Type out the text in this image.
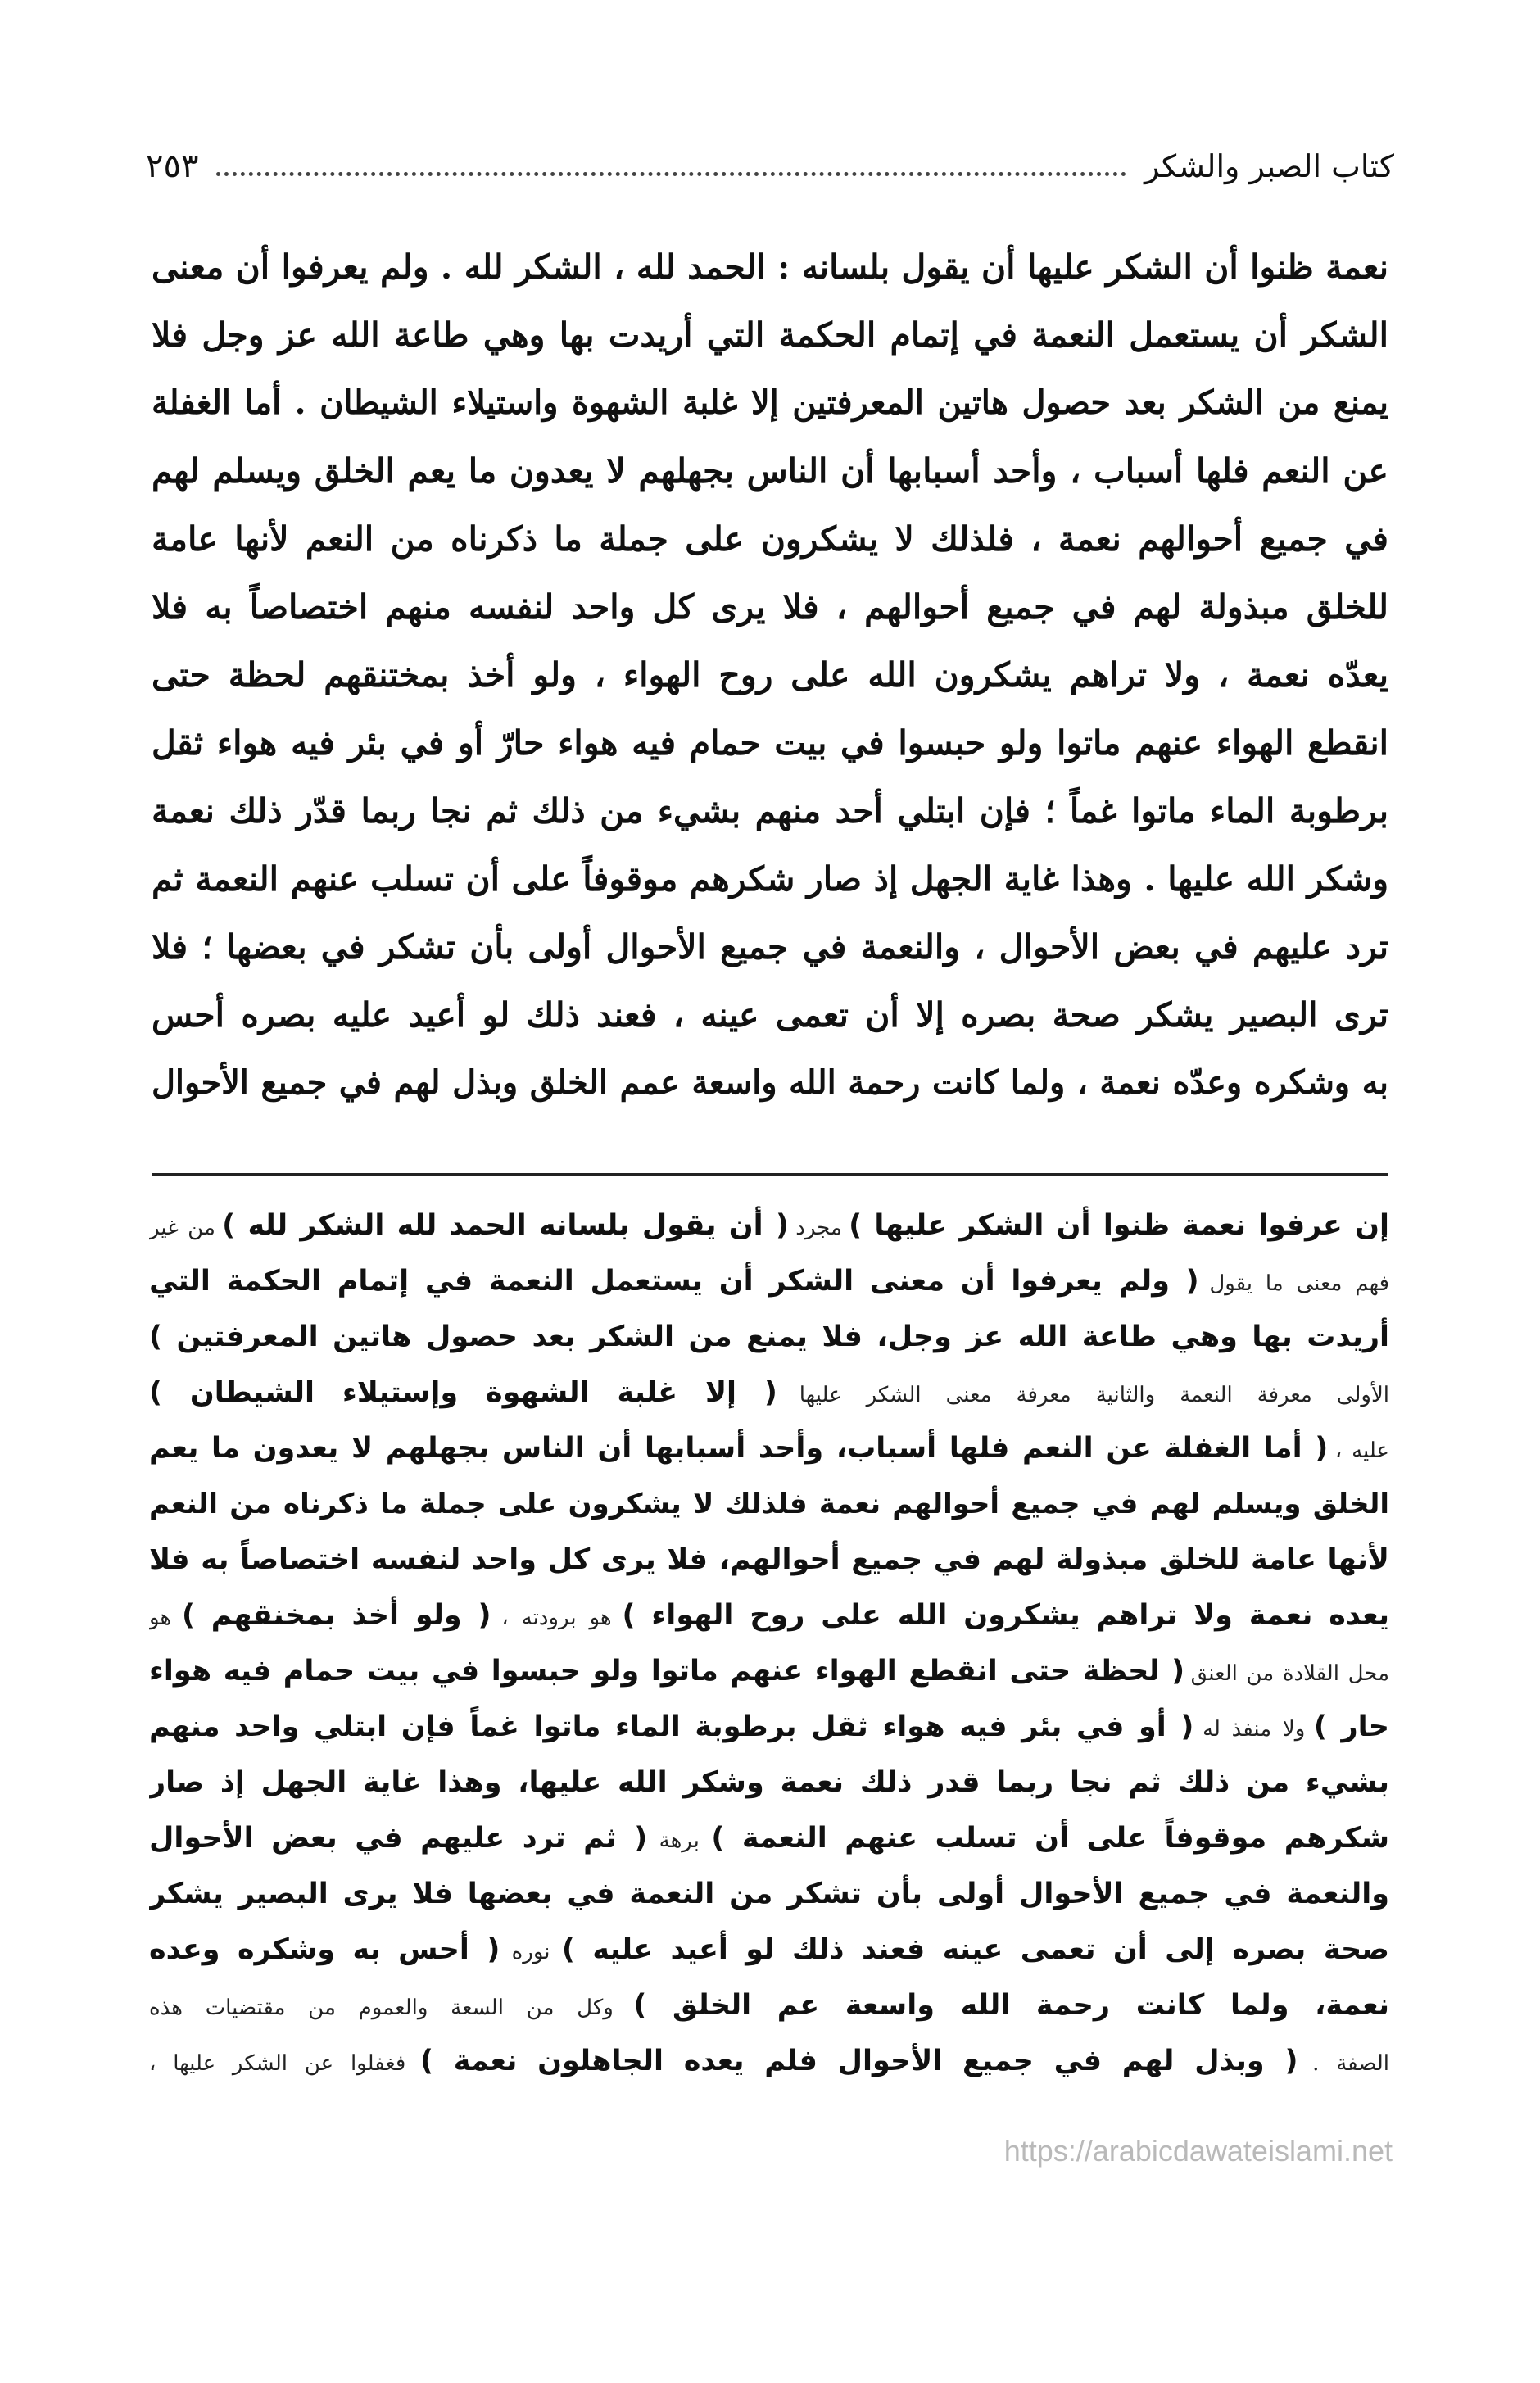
كتاب الصبر والشكر
٢٥٣
نعمة ظنوا أن الشكر عليها أن يقول بلسانه : الحمد لله ، الشكر لله . ولم يعرفوا أن معنى
الشكر أن يستعمل النعمة في إتمام الحكمة التي أريدت بها وهي طاعة الله عز وجل فلا
يمنع من الشكر بعد حصول هاتين المعرفتين إلا غلبة الشهوة واستيلاء الشيطان . أما الغفلة
عن النعم فلها أسباب ، وأحد أسبابها أن الناس بجهلهم لا يعدون ما يعم الخلق ويسلم لهم
في جميع أحوالهم نعمة ، فلذلك لا يشكرون على جملة ما ذكرناه من النعم لأنها عامة
للخلق مبذولة لهم في جميع أحوالهم ، فلا يرى كل واحد لنفسه منهم اختصاصاً به فلا
يعدّه نعمة ، ولا تراهم يشكرون الله على روح الهواء ، ولو أخذ بمختنقهم لحظة حتى
انقطع الهواء عنهم ماتوا ولو حبسوا في بيت حمام فيه هواء حارّ أو في بئر فيه هواء ثقل
برطوبة الماء ماتوا غماً ؛ فإن ابتلي أحد منهم بشيء من ذلك ثم نجا ربما قدّر ذلك نعمة
وشكر الله عليها . وهذا غاية الجهل إذ صار شكرهم موقوفاً على أن تسلب عنهم النعمة ثم
ترد عليهم في بعض الأحوال ، والنعمة في جميع الأحوال أولى بأن تشكر في بعضها ؛ فلا
ترى البصير يشكر صحة بصره إلا أن تعمى عينه ، فعند ذلك لو أعيد عليه بصره أحس
به وشكره وعدّه نعمة ، ولما كانت رحمة الله واسعة عمم الخلق وبذل لهم في جميع الأحوال
إن عرفوا نعمة ظنوا أن الشكر عليها ) مجرد ( أن يقول بلسانه الحمد لله الشكر لله ) من غير
فهم معنى ما يقول ( ولم يعرفوا أن معنى الشكر أن يستعمل النعمة في إتمام الحكمة التي
أريدت بها وهي طاعة الله عز وجل، فلا يمنع من الشكر بعد حصول هاتين المعرفتين )
الأولى معرفة النعمة والثانية معرفة معنى الشكر عليها ( إلا غلبة الشهوة وإستيلاء الشيطان )
عليه ، ( أما الغفلة عن النعم فلها أسباب، وأحد أسبابها أن الناس بجهلهم لا يعدون ما يعم
الخلق ويسلم لهم في جميع أحوالهم نعمة فلذلك لا يشكرون على جملة ما ذكرناه من النعم
لأنها عامة للخلق مبذولة لهم في جميع أحوالهم، فلا يرى كل واحد لنفسه اختصاصاً به فلا
يعده نعمة ولا تراهم يشكرون الله على روح الهواء ) هو برودته ، ( ولو أخذ بمخنقهم ) هو
محل القلادة من العنق ( لحظة حتى انقطع الهواء عنهم ماتوا ولو حبسوا في بيت حمام فيه هواء
حار ) ولا منفذ له ( أو في بئر فيه هواء ثقل برطوبة الماء ماتوا غماً فإن ابتلي واحد منهم
بشيء من ذلك ثم نجا ربما قدر ذلك نعمة وشكر الله عليها، وهذا غاية الجهل إذ صار
شكرهم موقوفاً على أن تسلب عنهم النعمة ) برهة ( ثم ترد عليهم في بعض الأحوال
والنعمة في جميع الأحوال أولى بأن تشكر من النعمة في بعضها فلا يرى البصير يشكر
صحة بصره إلى أن تعمى عينه فعند ذلك لو أعيد عليه ) نوره ( أحس به وشكره وعده
نعمة، ولما كانت رحمة الله واسعة عم الخلق ) وكل من السعة والعموم من مقتضيات هذه
الصفة . ( وبذل لهم في جميع الأحوال فلم يعده الجاهلون نعمة ) فغفلوا عن الشكر عليها ،
https://arabicdawateislami.net
